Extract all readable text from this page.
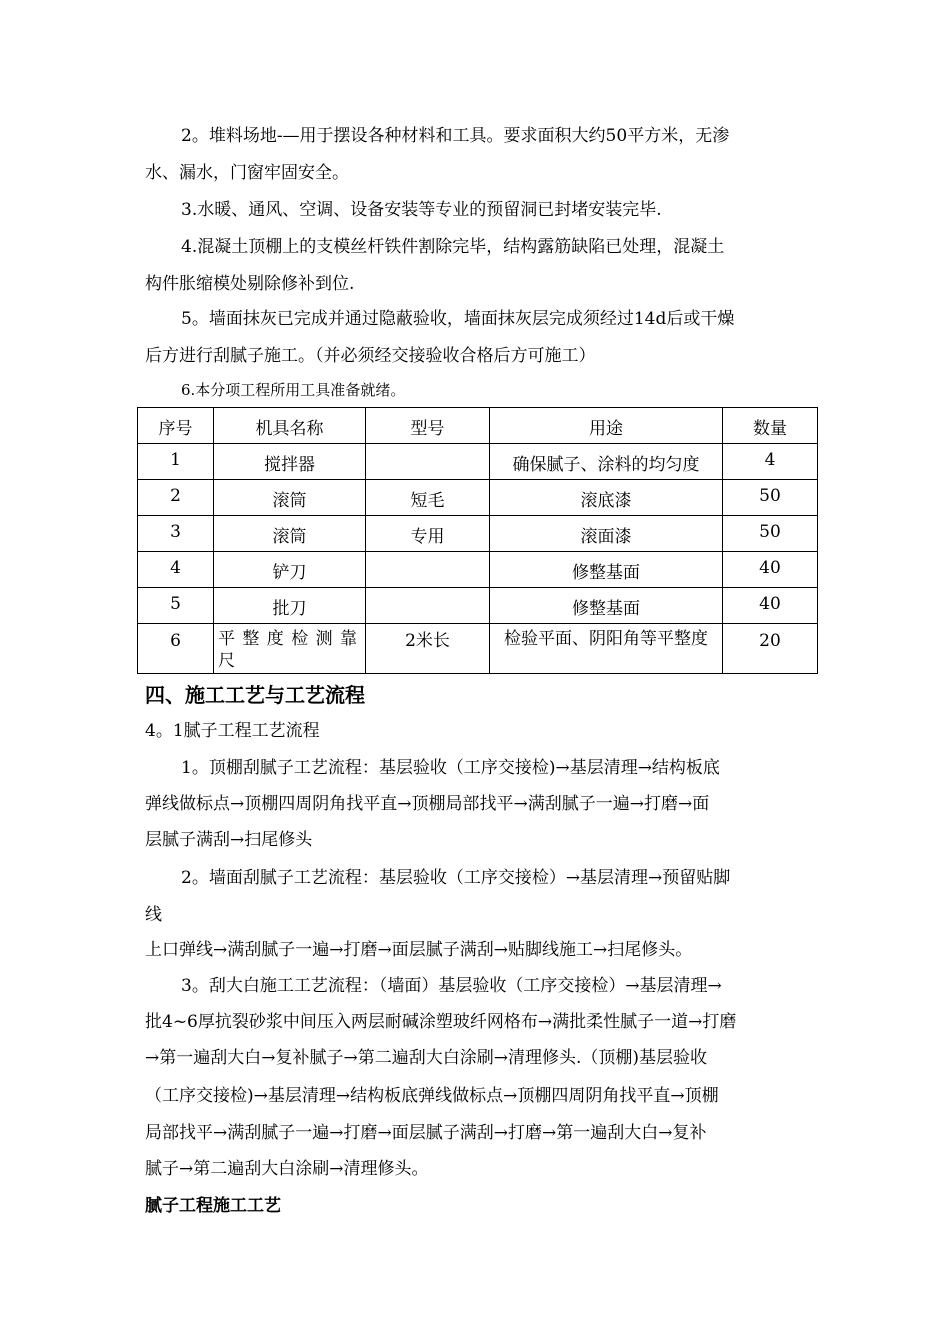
2。堆料场地-—用于摆设各种材料和工具。要求面积大约50平方米，无渗
水、漏水，门窗牢固安全。
3.水暖、通风、空调、设备安装等专业的预留洞已封堵安装完毕.
4.混凝土顶棚上的支模丝杆铁件割除完毕，结构露筋缺陷已处理，混凝土
构件胀缩模处剔除修补到位.
5。墙面抹灰已完成并通过隐蔽验收，墙面抹灰层完成须经过14d后或干燥
后方进行刮腻子施工。（并必须经交接验收合格后方可施工）
6.本分项工程所用工具准备就绪。
序号	机具名称	型号	用途	数量
1	搅拌器		确保腻子、涂料的均匀度	4
2	滚筒	短毛	滚底漆	50
3	滚筒	专用	滚面漆	50
4	铲刀		修整基面	40
5	批刀		修整基面	40
6	平整度检测靠尺	2米长	检验平面、阴阳角等平整度	20
四、施工工艺与工艺流程
4。1腻子工程工艺流程
1。顶棚刮腻子工艺流程：基层验收（工序交接检)→基层清理→结构板底
弹线做标点→顶棚四周阴角找平直→顶棚局部找平→满刮腻子一遍→打磨→面
层腻子满刮→扫尾修头
2。墙面刮腻子工艺流程：基层验收（工序交接检）→基层清理→预留贴脚
线
上口弹线→满刮腻子一遍→打磨→面层腻子满刮→贴脚线施工→扫尾修头。
3。刮大白施工工艺流程：（墙面）基层验收（工序交接检）→基层清理→
批4~6厚抗裂砂浆中间压入两层耐碱涂塑玻纤网格布→满批柔性腻子一道→打磨
→第一遍刮大白→复补腻子→第二遍刮大白涂刷→清理修头.（顶棚)基层验收
（工序交接检)→基层清理→结构板底弹线做标点→顶棚四周阴角找平直→顶棚
局部找平→满刮腻子一遍→打磨→面层腻子满刮→打磨→第一遍刮大白→复补
腻子→第二遍刮大白涂刷→清理修头。
腻子工程施工工艺
